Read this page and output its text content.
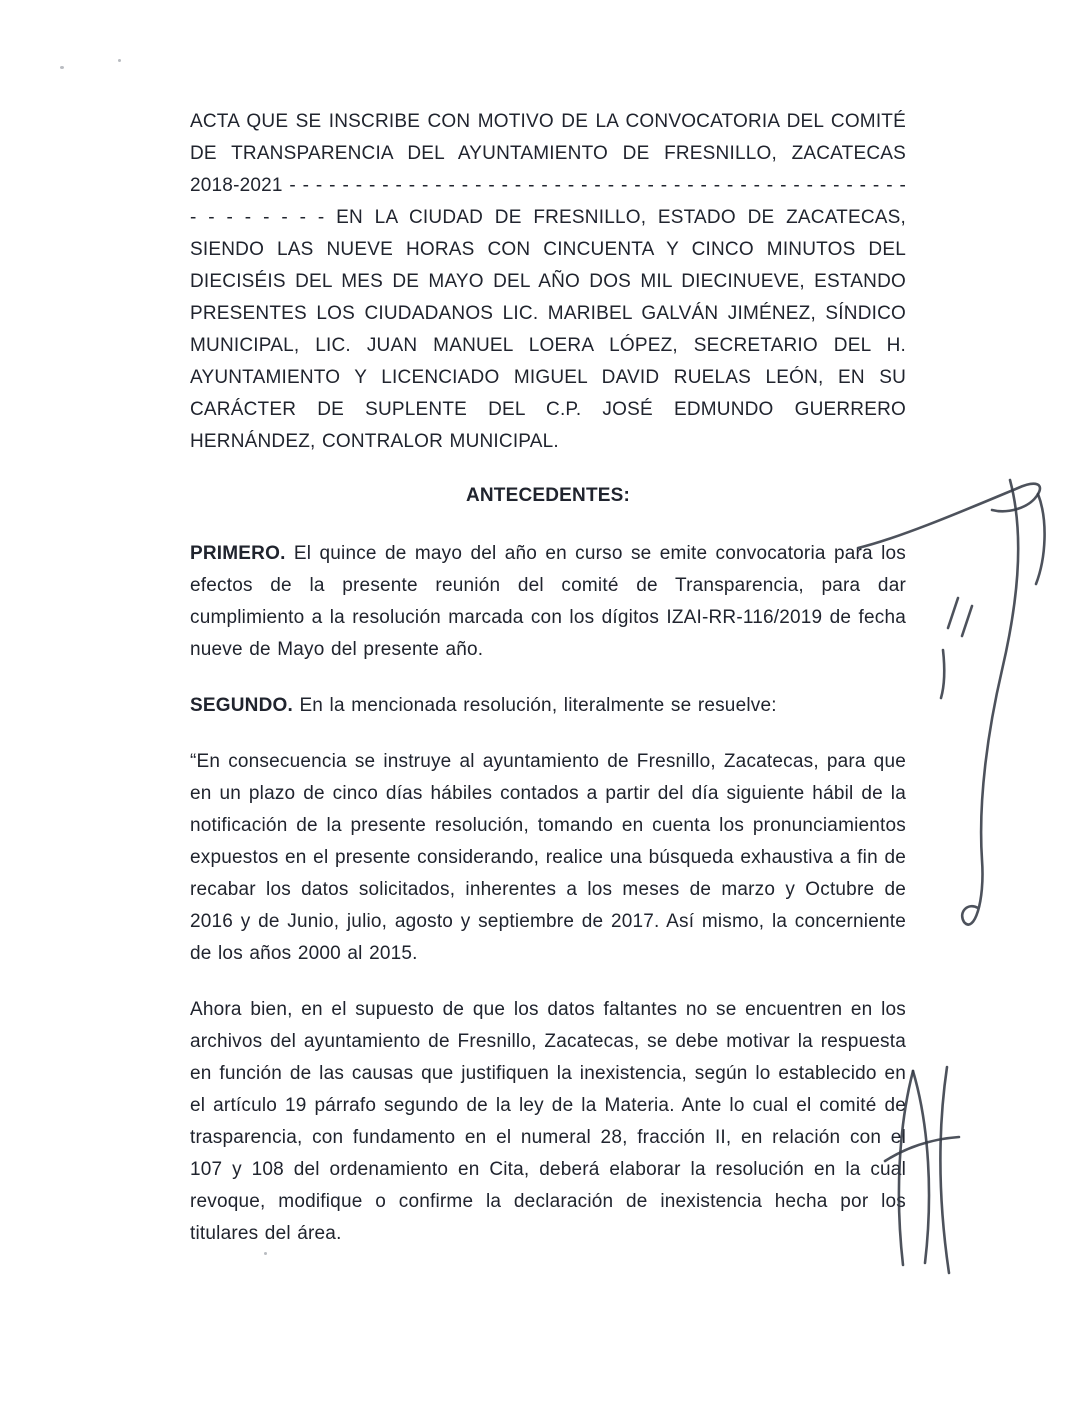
ACTA QUE SE INSCRIBE CON MOTIVO DE LA CONVOCATORIA DEL COMITÉ DE TRANSPARENCIA DEL AYUNTAMIENTO DE FRESNILLO, ZACATECAS 2018-2021 - - - - - - - - - - - - - - - - - - - - - - - - - - - - - - - - - - - - - - - - - - - - - - - - - - - - - - - EN LA CIUDAD DE FRESNILLO, ESTADO DE ZACATECAS, SIENDO LAS NUEVE HORAS CON CINCUENTA Y CINCO MINUTOS DEL DIECISÉIS DEL MES DE MAYO DEL AÑO DOS MIL DIECINUEVE, ESTANDO PRESENTES LOS CIUDADANOS LIC. MARIBEL GALVÁN JIMÉNEZ, SÍNDICO MUNICIPAL, LIC. JUAN MANUEL LOERA LÓPEZ, SECRETARIO DEL H. AYUNTAMIENTO Y LICENCIADO MIGUEL DAVID RUELAS LEÓN, EN SU CARÁCTER DE SUPLENTE DEL C.P. JOSÉ EDMUNDO GUERRERO HERNÁNDEZ, CONTRALOR MUNICIPAL.

ANTECEDENTES:

PRIMERO. El quince de mayo del año en curso se emite convocatoria para los efectos de la presente reunión del comité de Transparencia, para dar cumplimiento a la resolución marcada con los dígitos IZAI-RR-116/2019 de fecha nueve de Mayo del presente año.

SEGUNDO. En la mencionada resolución, literalmente se resuelve:

“En consecuencia se instruye al ayuntamiento de Fresnillo, Zacatecas, para que en un plazo de cinco días hábiles contados a partir del día siguiente hábil de la notificación de la presente resolución, tomando en cuenta los pronunciamientos expuestos en el presente considerando, realice una búsqueda exhaustiva a fin de recabar los datos solicitados, inherentes a los meses de marzo y Octubre de 2016 y de Junio, julio, agosto y septiembre de 2017. Así mismo, la concerniente de los años 2000 al 2015.

Ahora bien, en el supuesto de que los datos faltantes no se encuentren en los archivos del ayuntamiento de Fresnillo, Zacatecas, se debe motivar la respuesta en función de las causas que justifiquen la inexistencia, según lo establecido en el artículo 19 párrafo segundo de la ley de la Materia. Ante lo cual el comité de trasparencia, con fundamento en el numeral 28, fracción II, en relación con el 107 y 108 del ordenamiento en Cita, deberá elaborar la resolución en la cual revoque, modifique o confirme la declaración de inexistencia hecha por los titulares del área.
